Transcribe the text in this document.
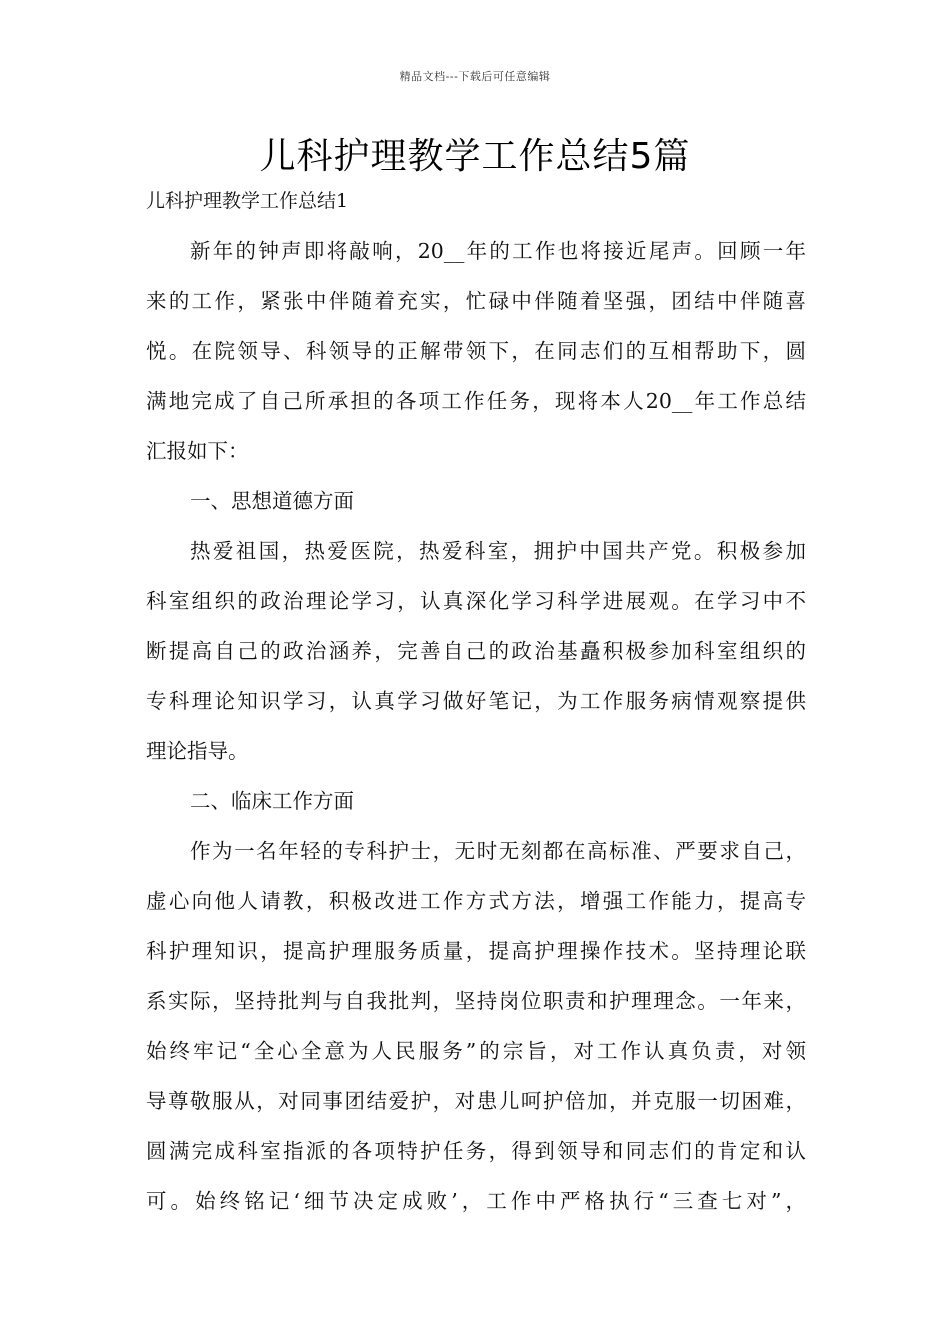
精品文档---下载后可任意编辑
儿科护理教学工作总结5篇
儿科护理教学工作总结1
新年的钟声即将敲响，20__年的工作也将接近尾声。回顾一年
来的工作，紧张中伴随着充实，忙碌中伴随着坚强，团结中伴随喜
悦。在院领导、科领导的正解带领下，在同志们的互相帮助下，圆
满地完成了自己所承担的各项工作任务，现将本人20__年工作总结
汇报如下：
一、思想道德方面
热爱祖国，热爱医院，热爱科室，拥护中国共产党。积极参加
科室组织的政治理论学习，认真深化学习科学进展观。在学习中不
断提高自己的政治涵养，完善自己的政治基矗积极参加科室组织的
专科理论知识学习，认真学习做好笔记，为工作服务病情观察提供
理论指导。
二、临床工作方面
作为一名年轻的专科护士，无时无刻都在高标准、严要求自己，
虚心向他人请教，积极改进工作方式方法，增强工作能力，提高专
科护理知识，提高护理服务质量，提高护理操作技术。坚持理论联
系实际，坚持批判与自我批判，坚持岗位职责和护理理念。一年来，
始终牢记“全心全意为人民服务”的宗旨，对工作认真负责，对领
导尊敬服从，对同事团结爱护，对患儿呵护倍加，并克服一切困难，
圆满完成科室指派的各项特护任务，得到领导和同志们的肯定和认
可。始终铭记‘细节决定成败’，工作中严格执行“三查七对”，
